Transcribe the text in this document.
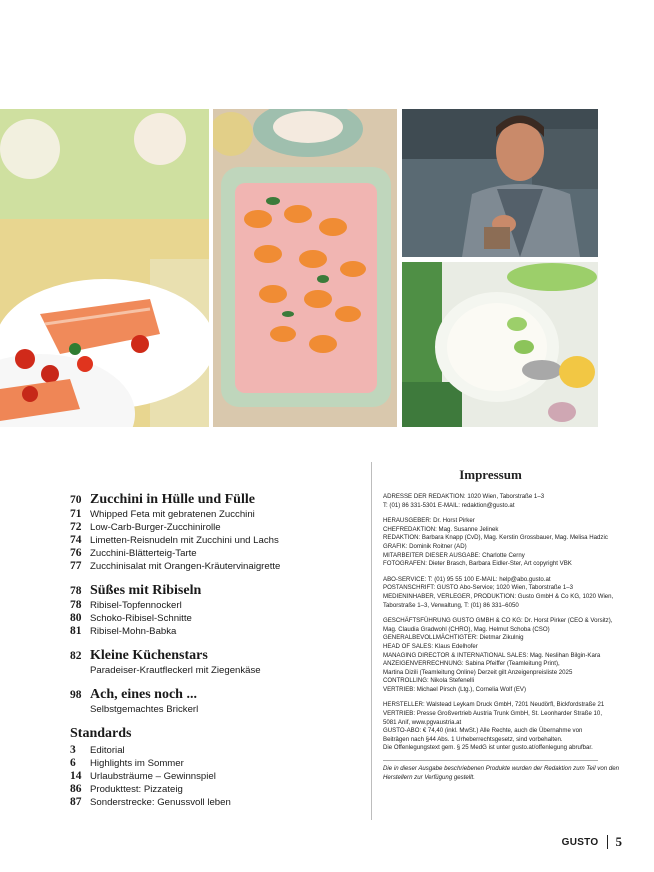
70 Zucchini in Hülle und Fülle
71 Whipped Feta mit gebratenen Zucchini
72 Low-Carb-Burger-Zucchinirolle
74 Limetten-Reisnudeln mit Zucchini und Lachs
76 Zucchini-Blätterteig-Tarte
77 Zucchinisalat mit Orangen-Kräutervinaigrette
78 Süßes mit Ribiseln
78 Ribisel-Topfennockerl
80 Schoko-Ribisel-Schnitte
81 Ribisel-Mohn-Babka
82 Kleine Küchenstars
Paradeiser-Krautfleckerl mit Ziegenkäse
98 Ach, eines noch ...
Selbstgemachtes Brickerl
Standards
3	Editorial
6	Highlights im Sommer
14 Urlaubsträume – Gewinnspiel
86 Produkttest: Pizzateig
87 Sonderstrecke: Genussvoll leben
Impressum
ADRESSE DER REDAKTION: 1020 Wien, Taborstraße 1–3
T: (01) 86 331-5301 E-MAIL: redaktion@gusto.at
HERAUSGEBER: Dr. Horst Pirker
CHEFREDAKTION: Mag. Susanne Jelinek
REDAKTION: Barbara Knapp (CvD), Mag. Kerstin Grossbauer, Mag. Melisa Hadzic
GRAFIK: Dominik Roitner (AD)
MITARBEITER DIESER AUSGABE: Charlotte Cerny
FOTOGRAFEN: Dieter Brasch, Barbara Eidler-Ster, Art copyright VBK
ABO-SERVICE: T: (01) 95 55 100 E-MAIL: help@abo.gusto.at
POSTANSCHRIFT: GUSTO Abo-Service; 1020 Wien, Taborstraße 1–3
MEDIENINHABER, VERLEGER, PRODUKTION: Gusto GmbH & Co KG, 1020 Wien,
Taborstraße 1–3, Verwaltung, T: (01) 86 331–6050
GESCHÄFTSFÜHRUNG GUSTO GMBH & CO KG: Dr. Horst Pirker (CEO & Vorsitz),
Mag. Claudia Gradwohl (CHRO), Mag. Helmut Schoba (CSO)
GENERALBEVOLLMÄCHTIGTER: Dietmar Zikulnig
HEAD OF SALES: Klaus Edelhofer
MANAGING DIRECTOR & INTERNATIONAL SALES: Mag. Neslihan Bilgin-Kara
ANZEIGENVERRECHNUNG: Sabina Pfeiffer (Teamleitung Print),
Martina Dizili (Teamleitung Online) Derzeit gilt Anzeigenpreisliste 2025
CONTROLLING: Nikola Stefenelli
VERTRIEB: Michael Pirsch (Ltg.), Cornelia Wolf (EV)
HERSTELLER: Walstead Leykam Druck GmbH, 7201 Neudörfl, Bickfordstraße 21
VERTRIEB: Presse Großvertrieb Austria Trunk GmbH, St. Leonharder Straße 10,
5081 Anif, www.pgvaustria.at
GUSTO-ABO: € 74,40 (inkl. MwSt.) Alle Rechte, auch die Übernahme von
Beiträgen nach §44 Abs. 1 Urheberrechtsgesetz, sind vorbehalten.
Die Offenlegungstext gem. § 25 MedG ist unter gusto.at/offenlegung abrufbar.
Die in dieser Ausgabe beschriebenen Produkte wurden der Redaktion zum Teil von den
Herstellern zur Verfügung gestellt.
GUSTO 5
